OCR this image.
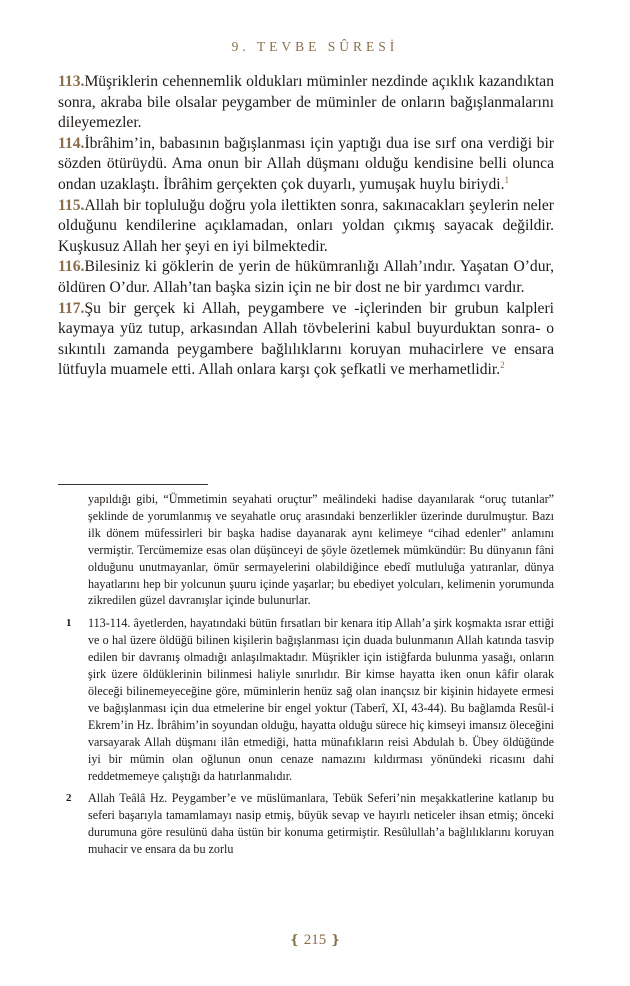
9. TEVBE SÛRESİ

113.Müşriklerin cehennemlik oldukları müminler nezdinde açıklık kazandıktan sonra, akraba bile olsalar peygamber de müminler de onların bağışlanmalarını dileyemezler.

114.İbrâhim’in, babasının bağışlanması için yaptığı dua ise sırf ona verdiği bir sözden ötürüydü. Ama onun bir Allah düşmanı olduğu kendisine belli olunca ondan uzaklaştı. İbrâhim gerçekten çok duyarlı, yumuşak huylu biriydi.$^1$

115.Allah bir topluluğu doğru yola ilettikten sonra, sakınacakları şeylerin neler olduğunu kendilerine açıklamadan, onları yoldan çıkmış sayacak değildir. Kuşkusuz Allah her şeyi en iyi bilmektedir.

116.Bilesiniz ki göklerin de yerin de hükümranlığı Allah’ındır. Yaşatan O’dur, öldüren O’dur. Allah’tan başka sizin için ne bir dost ne bir yardımcı vardır.

117.Şu bir gerçek ki Allah, peygambere ve -içlerinden bir grubun kalpleri kaymaya yüz tutup, arkasından Allah tövbelerini kabul buyurduktan sonra- o sıkıntılı zamanda peygambere bağlılıklarını koruyan muhacirlere ve ensara lütfuyla muamele etti. Allah onlara karşı çok şefkatli ve merhametlidir.$^2$

yapıldığı gibi, “Ümmetimin seyahati oruçtur” meâlindeki hadise dayanılarak “oruç tutanlar” şeklinde de yorumlanmış ve seyahatle oruç arasındaki benzerlikler üzerinde durulmuştur. Bazı ilk dönem müfessirleri bir başka hadise dayanarak aynı kelimeye “cihad edenler” anlamını vermiştir. Tercümemize esas olan düşünceyi de şöyle özetlemek mümkündür: Bu dünyanın fâni olduğunu unutmayanlar, ömür sermayelerini olabildiğince ebedî mutluluğa yatıranlar, dünya hayatlarını hep bir yolcunun şuuru içinde yaşarlar; bu ebediyet yolcuları, kelimenin yorumunda zikredilen güzel davranışlar içinde bulunurlar.
1 113-114. âyetlerden, hayatındaki bütün fırsatları bir kenara itip Allah’a şirk koşmakta ısrar ettiği ve o hal üzere öldüğü bilinen kişilerin bağışlanması için duada bulunmanın Allah katında tasvip edilen bir davranış olmadığı anlaşılmaktadır. Müşrikler için istiğfarda bulunma yasağı, onların şirk üzere öldüklerinin bilinmesi haliyle sınırlıdır. Bir kimse hayatta iken onun kâfir olarak öleceği bilinemeyeceğine göre, müminlerin henüz sağ olan inançsız bir kişinin hidayete ermesi ve bağışlanması için dua etmelerine bir engel yoktur (Taberî, XI, 43-44). Bu bağlamda Resûl-i Ekrem’in Hz. İbrâhim’in soyundan olduğu, hayatta olduğu sürece hiç kimseyi imansız öleceğini varsayarak Allah düşmanı ilân etmediği, hatta münafıkların reisi Abdulah b. Übey öldüğünde iyi bir mümin olan oğlunun onun cenaze namazını kıldırması yönündeki ricasını dahi reddetmemeye çalıştığı da hatırlanmalıdır.
2 Allah Teâlâ Hz. Peygamber’e ve müslümanlara, Tebük Seferi’nin meşakkatlerine katlanıp bu seferi başarıyla tamamlamayı nasip etmiş, büyük sevap ve hayırlı neticeler ihsan etmiş; önceki durumuna göre resulünü daha üstün bir konuma getirmiştir. Resûlullah’a bağlılıklarını koruyan muhacir ve ensara da bu zorlu
❴ 215 ❵
